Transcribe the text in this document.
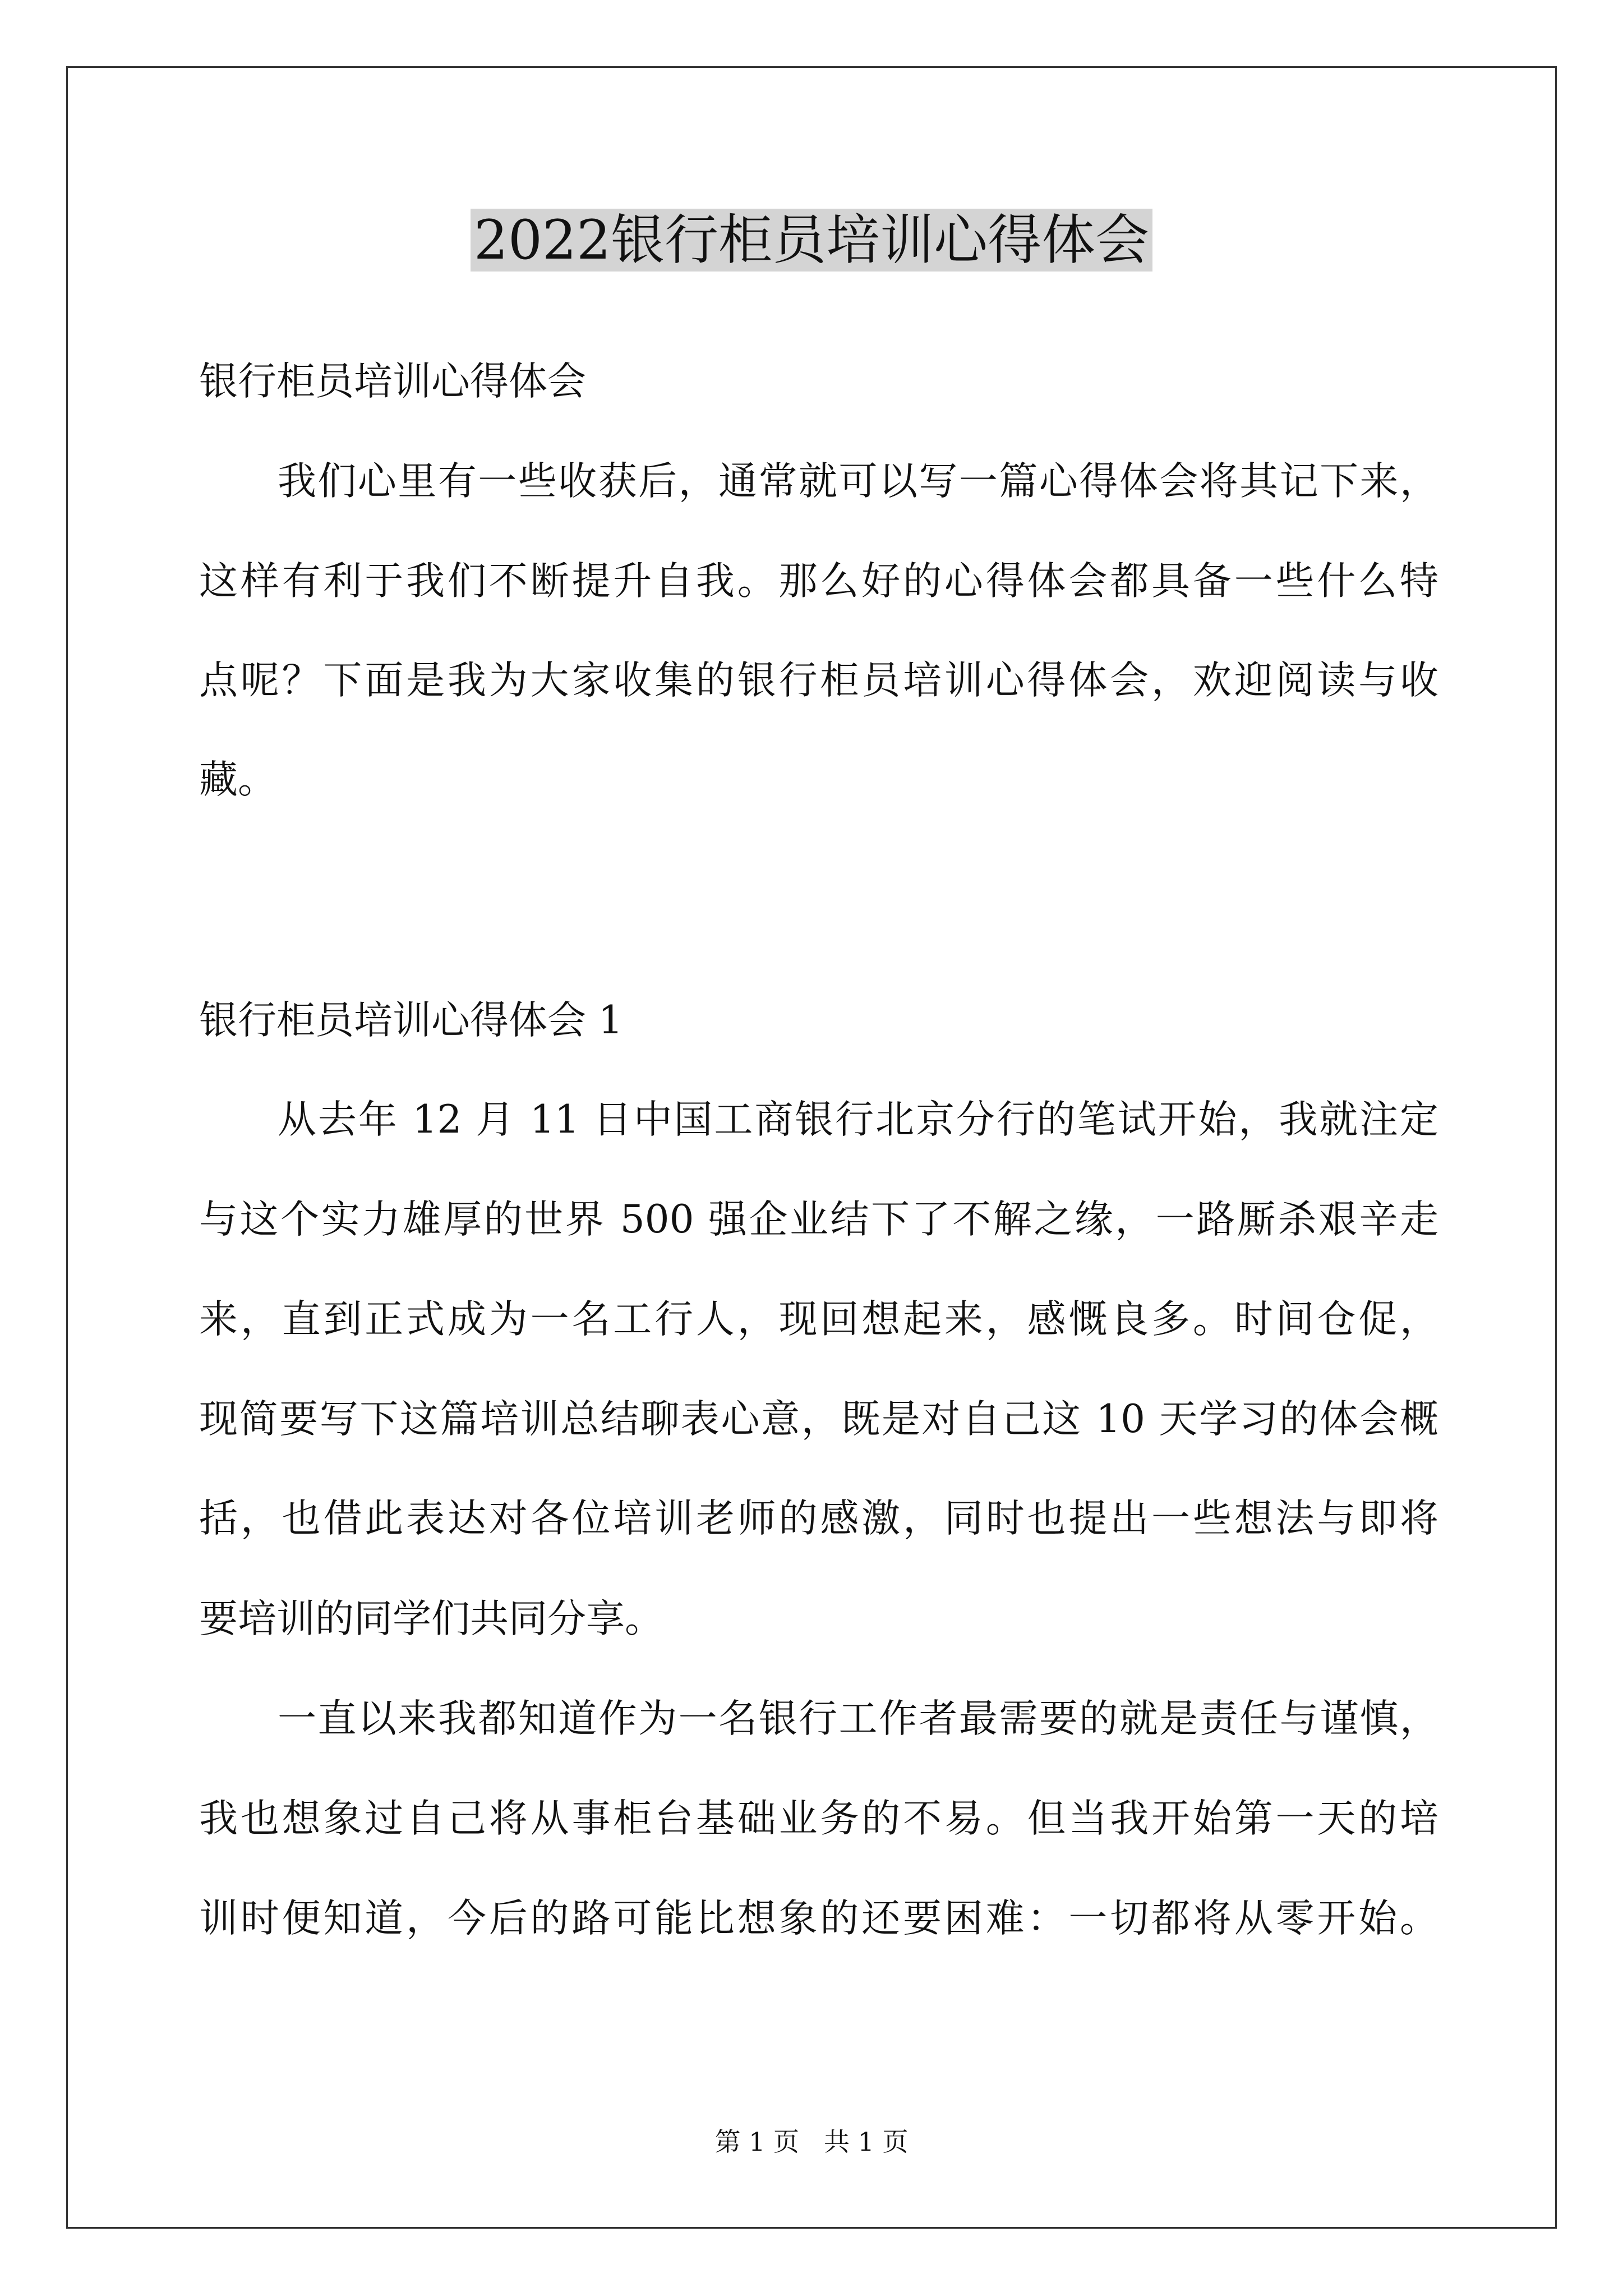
2022银行柜员培训心得体会

银行柜员培训心得体会

我们心里有一些收获后，通常就可以写一篇心得体会将其记下来，

这样有利于我们不断提升自我。那么好的心得体会都具备一些什么特

点呢？下面是我为大家收集的银行柜员培训心得体会，欢迎阅读与收

藏。

银行柜员培训心得体会 1

从去年 12 月 11 日中国工商银行北京分行的笔试开始，我就注定

与这个实力雄厚的世界 500 强企业结下了不解之缘，一路厮杀艰辛走

来，直到正式成为一名工行人，现回想起来，感慨良多。时间仓促，

现简要写下这篇培训总结聊表心意，既是对自己这 10 天学习的体会概

括，也借此表达对各位培训老师的感激，同时也提出一些想法与即将

要培训的同学们共同分享。

一直以来我都知道作为一名银行工作者最需要的就是责任与谨慎，

我也想象过自己将从事柜台基础业务的不易。但当我开始第一天的培

训时便知道，今后的路可能比想象的还要困难：一切都将从零开始。

第 1 页 共 1 页
